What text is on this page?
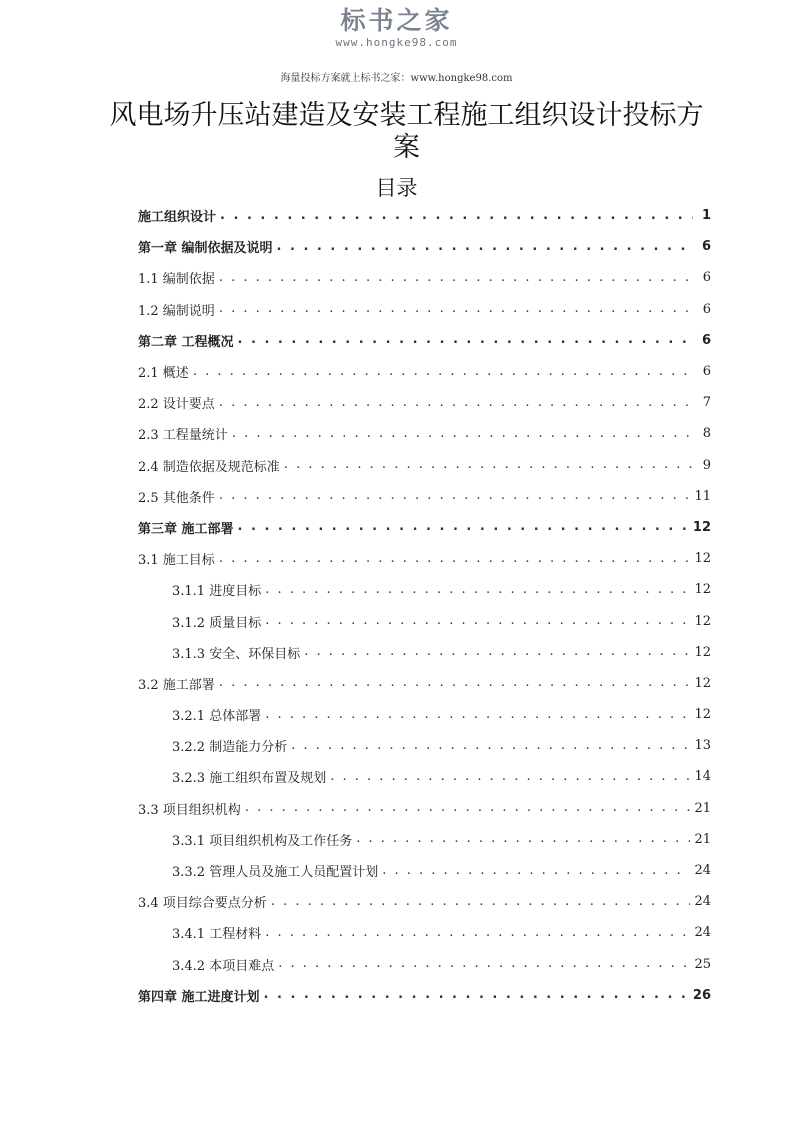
标书之家
www.hongke98.com
海量投标方案就上标书之家：www.hongke98.com
风电场升压站建造及安装工程施工组织设计投标方案
目录
施工组织设计 . . .	1
第一章 编制依据及说明 . . .	6
1.1 编制依据 . . .	6
1.2 编制说明 . . .	6
第二章 工程概况 . . .	6
2.1 概述 . . .	6
2.2 设计要点 . . .	7
2.3 工程量统计 . . .	8
2.4 制造依据及规范标准 . . .	9
2.5 其他条件 . . .	11
第三章 施工部署 . . .	12
3.1 施工目标 . . .	12
3.1.1 进度目标 . . .	12
3.1.2 质量目标 . . .	12
3.1.3 安全、环保目标 . . .	12
3.2 施工部署 . . .	12
3.2.1 总体部署 . . .	12
3.2.2 制造能力分析 . . .	13
3.2.3 施工组织布置及规划 . . .	14
3.3 项目组织机构 . . .	21
3.3.1 项目组织机构及工作任务 . . .	21
3.3.2 管理人员及施工人员配置计划 . . .	24
3.4 项目综合要点分析 . . .	24
3.4.1 工程材料 . . .	24
3.4.2 本项目难点 . . .	25
第四章 施工进度计划 . . .	26
